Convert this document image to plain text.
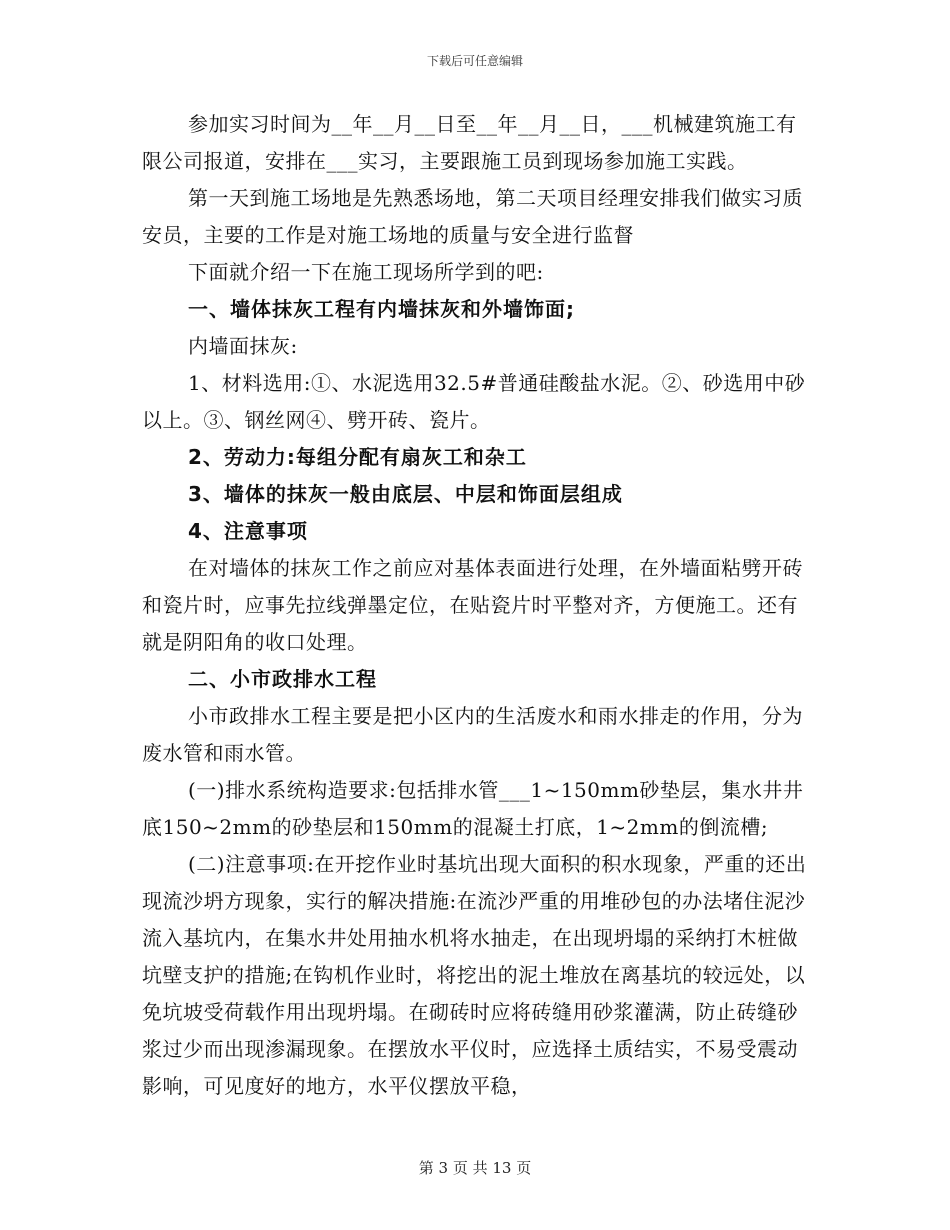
下载后可任意编辑

参加实习时间为__年__月__日至__年__月__日，___机械建筑施工有限公司报道，安排在___实习，主要跟施工员到现场参加施工实践。

第一天到施工场地是先熟悉场地，第二天项目经理安排我们做实习质安员，主要的工作是对施工场地的质量与安全进行监督

下面就介绍一下在施工现场所学到的吧:

一、墙体抹灰工程有内墙抹灰和外墙饰面;

内墙面抹灰:

1、材料选用:①、水泥选用32.5#普通硅酸盐水泥。②、砂选用中砂以上。③、钢丝网④、劈开砖、瓷片。

2、劳动力:每组分配有扇灰工和杂工

3、墙体的抹灰一般由底层、中层和饰面层组成

4、注意事项

在对墙体的抹灰工作之前应对基体表面进行处理，在外墙面粘劈开砖和瓷片时，应事先拉线弹墨定位，在贴瓷片时平整对齐，方便施工。还有就是阴阳角的收口处理。

二、小市政排水工程

小市政排水工程主要是把小区内的生活废水和雨水排走的作用，分为废水管和雨水管。

(一)排水系统构造要求:包括排水管___1~150mm砂垫层，集水井井底150~2mm的砂垫层和150mm的混凝土打底，1~2mm的倒流槽;

(二)注意事项:在开挖作业时基坑出现大面积的积水现象，严重的还出现流沙坍方现象，实行的解决措施:在流沙严重的用堆砂包的办法堵住泥沙流入基坑内，在集水井处用抽水机将水抽走，在出现坍塌的采纳打木桩做坑壁支护的措施;在钩机作业时，将挖出的泥土堆放在离基坑的较远处，以免坑坡受荷载作用出现坍塌。在砌砖时应将砖缝用砂浆灌满，防止砖缝砂浆过少而出现渗漏现象。在摆放水平仪时，应选择土质结实，不易受震动影响，可见度好的地方，水平仪摆放平稳，

第 3 页 共 13 页
